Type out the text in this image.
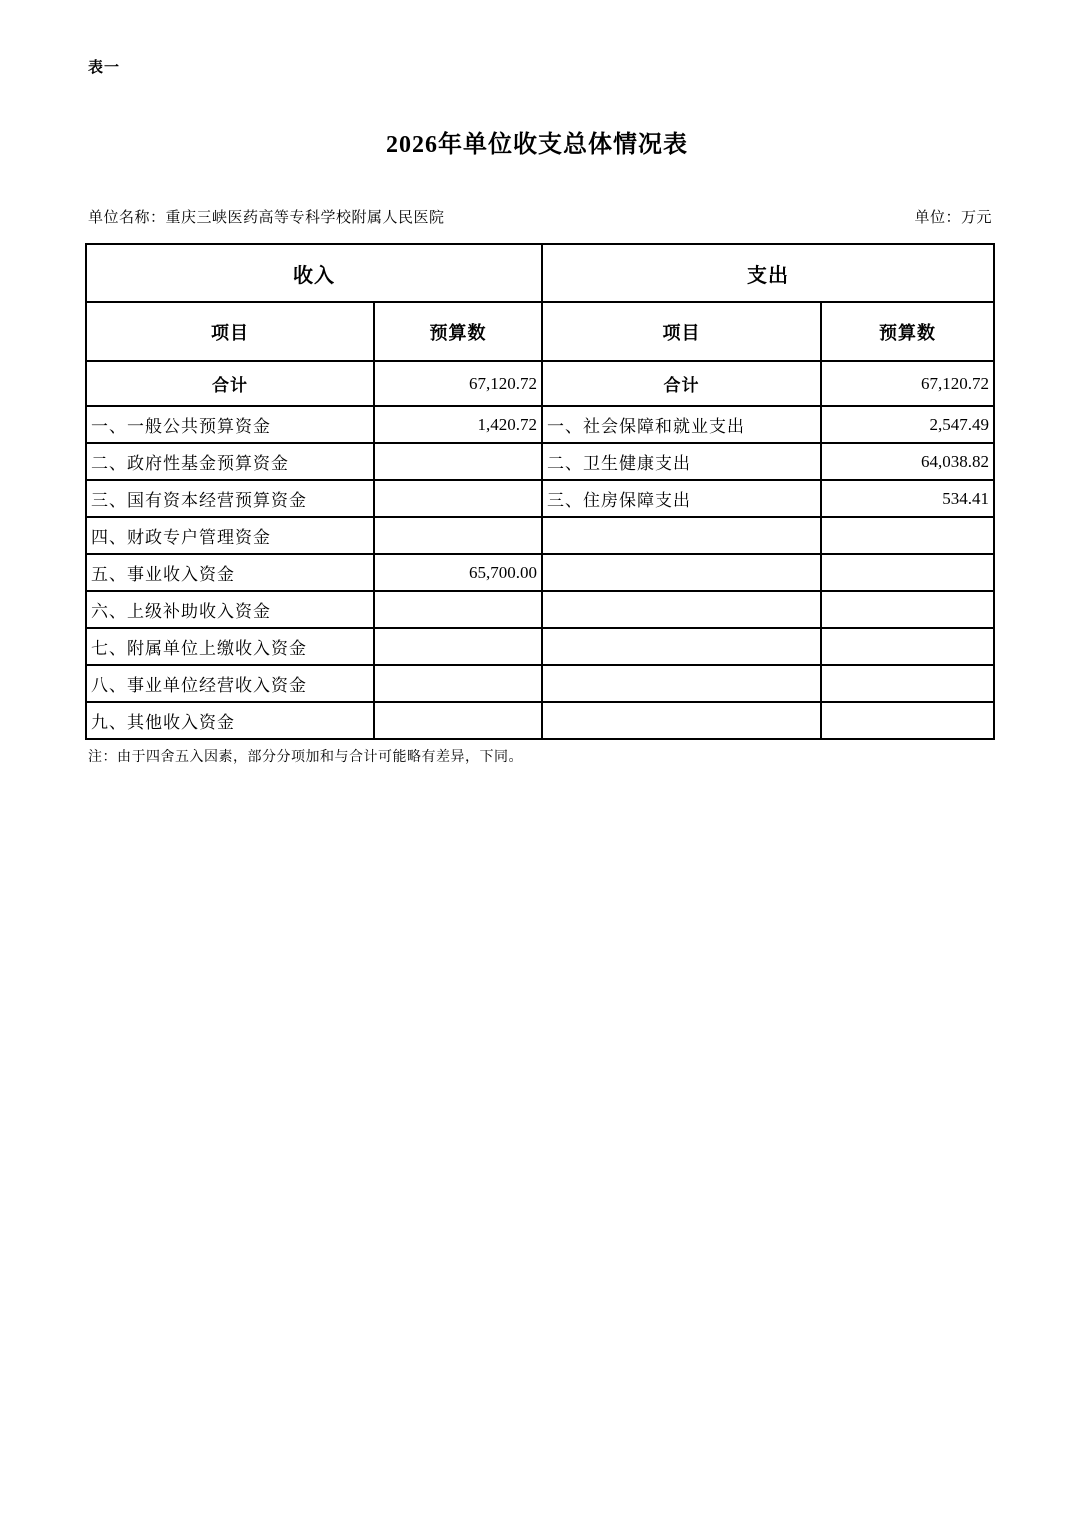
表一
2026年单位收支总体情况表
单位名称：重庆三峡医药高等专科学校附属人民医院	单位：万元
收入		支出	
项目	预算数	项目	预算数
合计	67,120.72	合计	67,120.72
一、一般公共预算资金	1,420.72	一、社会保障和就业支出	2,547.49
二、政府性基金预算资金		二、卫生健康支出	64,038.82
三、国有资本经营预算资金		三、住房保障支出	534.41
四、财政专户管理资金			
五、事业收入资金	65,700.00		
六、上级补助收入资金			
七、附属单位上缴收入资金			
八、事业单位经营收入资金			
九、其他收入资金			
注：由于四舍五入因素，部分分项加和与合计可能略有差异，下同。
